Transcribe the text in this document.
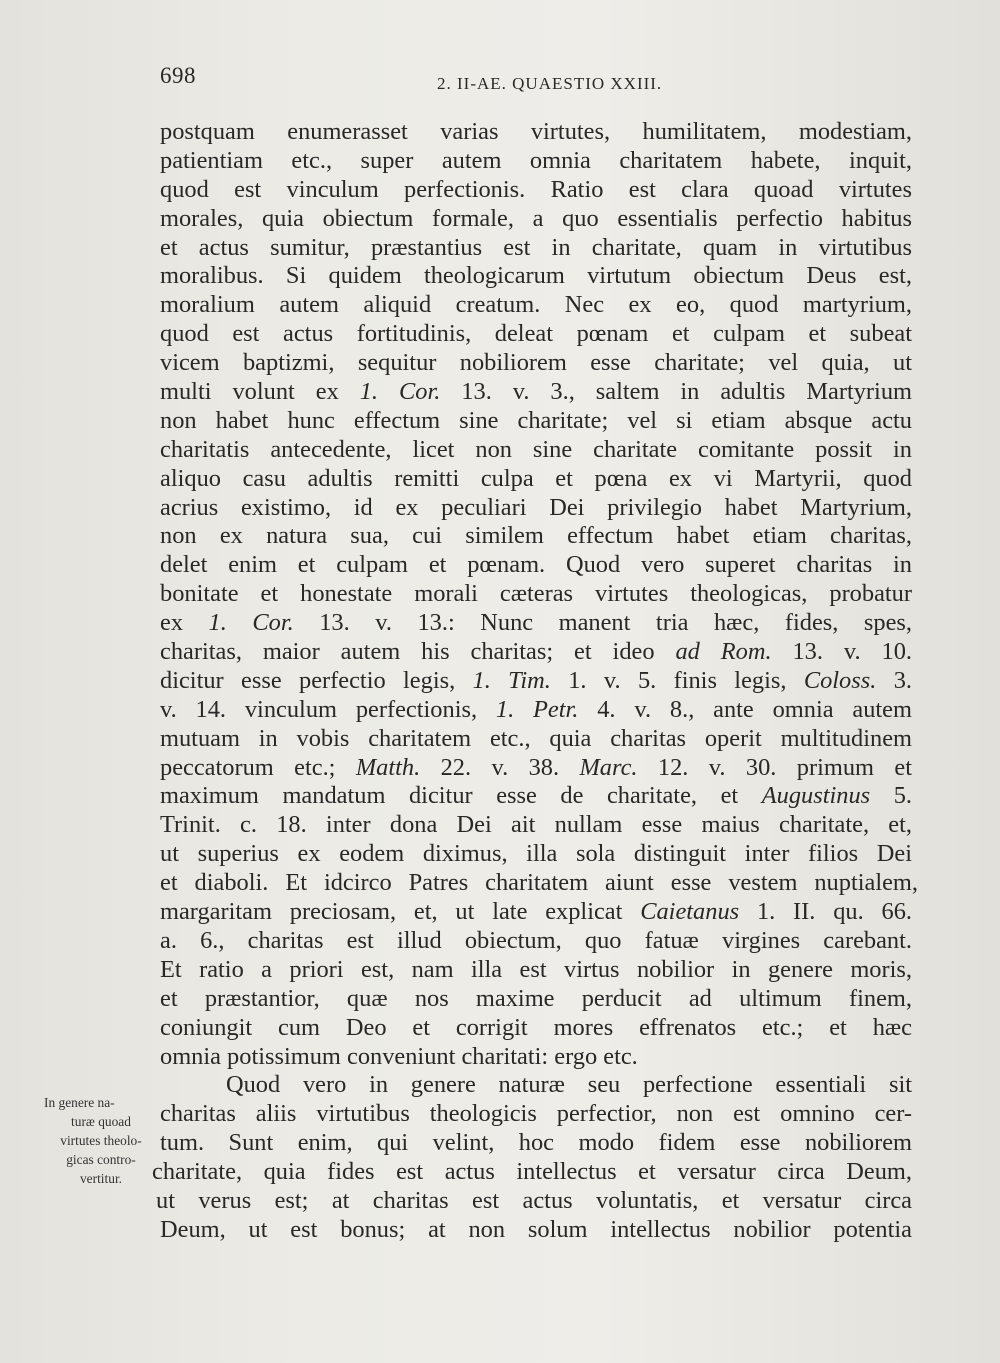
698	2. II-AE. QUAESTIO XXIII.
postquam enumerasset varias virtutes, humilitatem, modestiam,
patientiam etc., super autem omnia charitatem habete, inquit,
quod est vinculum perfectionis. Ratio est clara quoad virtutes
morales, quia obiectum formale, a quo essentialis perfectio habitus
et actus sumitur, præstantius est in charitate, quam in virtutibus
moralibus. Si quidem theologicarum virtutum obiectum Deus est,
moralium autem aliquid creatum. Nec ex eo, quod martyrium,
quod est actus fortitudinis, deleat pœnam et culpam et subeat
vicem baptizmi, sequitur nobiliorem esse charitate; vel quia, ut
multi volunt ex 1. Cor. 13. v. 3., saltem in adultis Martyrium
non habet hunc effectum sine charitate; vel si etiam absque actu
charitatis antecedente, licet non sine charitate comitante possit in
aliquo casu adultis remitti culpa et pœna ex vi Martyrii, quod
acrius existimo, id ex peculiari Dei privilegio habet Martyrium,
non ex natura sua, cui similem effectum habet etiam charitas,
delet enim et culpam et pœnam. Quod vero superet charitas in
bonitate et honestate morali cæteras virtutes theologicas, probatur
ex 1. Cor. 13. v. 13.: Nunc manent tria hæc, fides, spes,
charitas, maior autem his charitas; et ideo ad Rom. 13. v. 10.
dicitur esse perfectio legis, 1. Tim. 1. v. 5. finis legis, Coloss. 3.
v. 14. vinculum perfectionis, 1. Petr. 4. v. 8., ante omnia autem
mutuam in vobis charitatem etc., quia charitas operit multitudinem
peccatorum etc.; Matth. 22. v. 38. Marc. 12. v. 30. primum et
maximum mandatum dicitur esse de charitate, et Augustinus 5.
Trinit. c. 18. inter dona Dei ait nullam esse maius charitate, et,
ut superius ex eodem diximus, illa sola distinguit inter filios Dei
et diaboli. Et idcirco Patres charitatem aiunt esse vestem nuptialem,
margaritam preciosam, et, ut late explicat Caietanus 1. II. qu. 66.
a. 6., charitas est illud obiectum, quo fatuæ virgines carebant.
Et ratio a priori est, nam illa est virtus nobilior in genere moris,
et præstantior, quæ nos maxime perducit ad ultimum finem,
coniungit cum Deo et corrigit mores effrenatos etc.; et hæc
omnia potissimum conveniunt charitati: ergo etc.
Quod vero in genere naturæ seu perfectione essentiali sit
charitas aliis virtutibus theologicis perfectior, non est omnino cer-
tum. Sunt enim, qui velint, hoc modo fidem esse nobiliorem
charitate, quia fides est actus intellectus et versatur circa Deum,
ut verus est; at charitas est actus voluntatis, et versatur circa
Deum, ut est bonus; at non solum intellectus nobilior potentia
In genere na-
turæ quoad
virtutes theolo-
gicas contro-
vertitur.
